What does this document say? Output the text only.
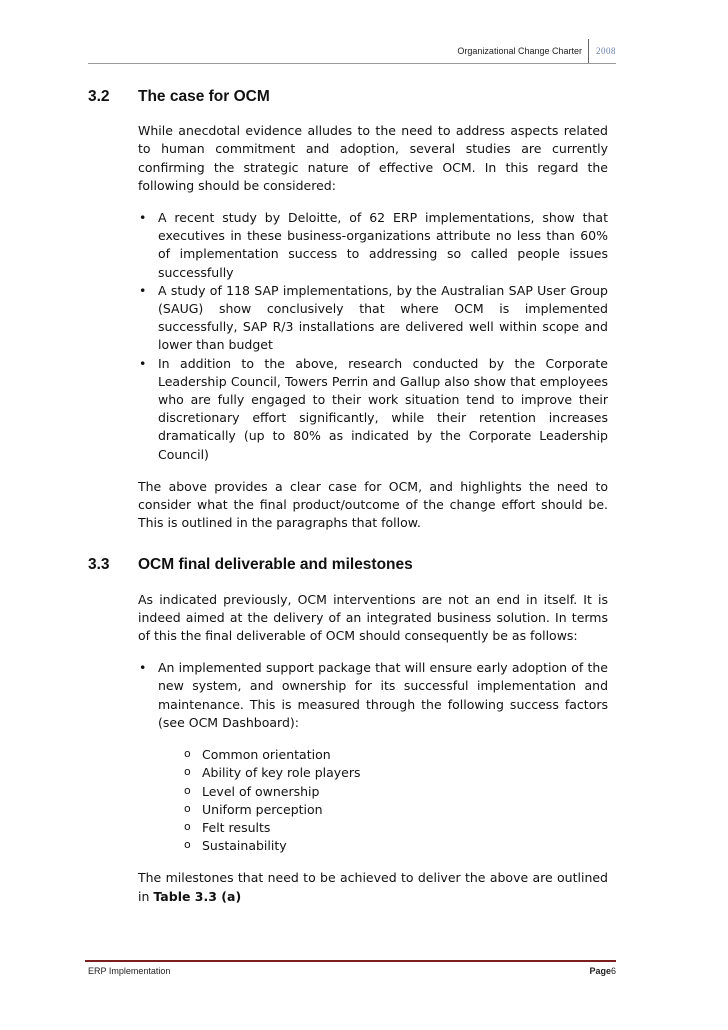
Organizational Change Charter	2008
3.2	The case for OCM

While anecdotal evidence alludes to the need to address aspects related to human commitment and adoption, several studies are currently confirming the strategic nature of effective OCM. In this regard the following should be considered:

• A recent study by Deloitte, of 62 ERP implementations, show that executives in these business-organizations attribute no less than 60% of implementation success to addressing so called people issues successfully
• A study of 118 SAP implementations, by the Australian SAP User Group (SAUG) show conclusively that where OCM is implemented successfully, SAP R/3 installations are delivered well within scope and lower than budget
• In addition to the above, research conducted by the Corporate Leadership Council, Towers Perrin and Gallup also show that employees who are fully engaged to their work situation tend to improve their discretionary effort significantly, while their retention increases dramatically (up to 80% as indicated by the Corporate Leadership Council)

The above provides a clear case for OCM, and highlights the need to consider what the final product/outcome of the change effort should be. This is outlined in the paragraphs that follow.

3.3	OCM final deliverable and milestones

As indicated previously, OCM interventions are not an end in itself. It is indeed aimed at the delivery of an integrated business solution. In terms of this the final deliverable of OCM should consequently be as follows:

• An implemented support package that will ensure early adoption of the new system, and ownership for its successful implementation and maintenance. This is measured through the following success factors (see OCM Dashboard):
o Common orientation
o Ability of key role players
o Level of ownership
o Uniform perception
o Felt results
o Sustainability

The milestones that need to be achieved to deliver the above are outlined in Table 3.3 (a)

ERP Implementation	Page6
